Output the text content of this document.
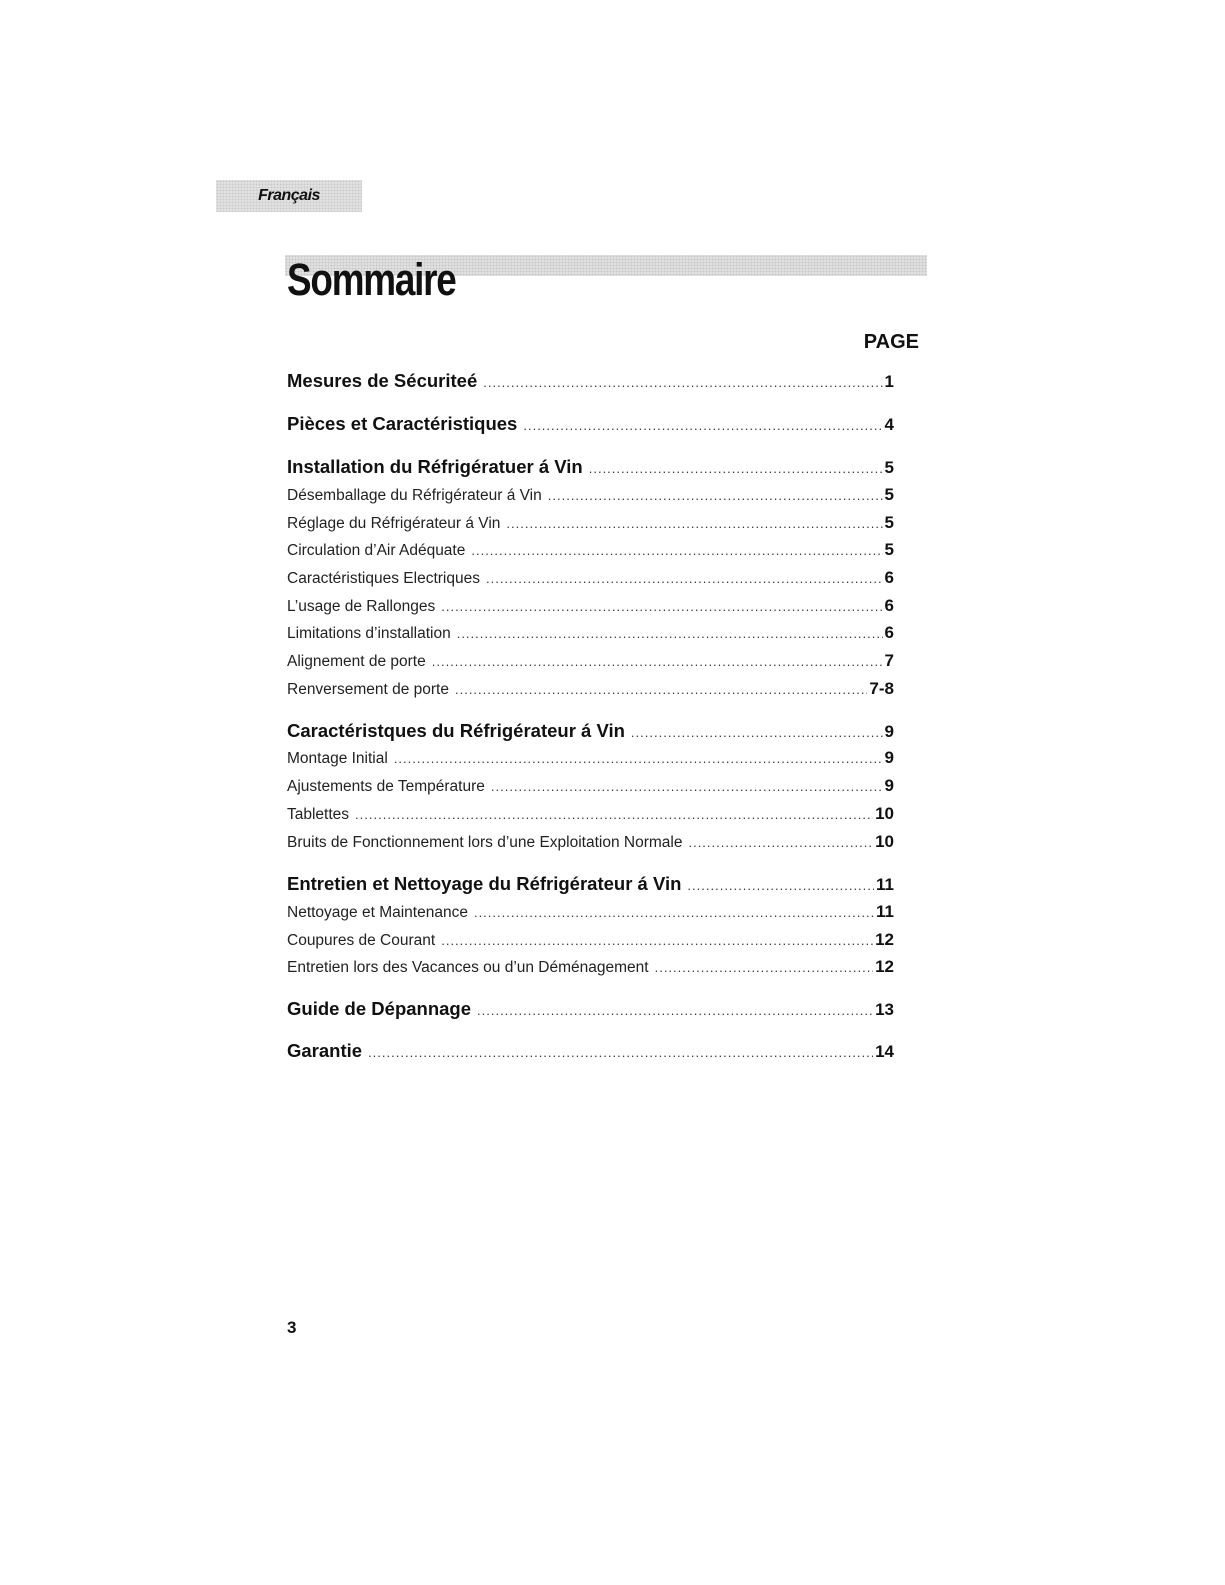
Français
Sommaire
PAGE
Mesures de Sécuriteé .....	1
Pièces et Caractéristiques .....	4
Installation du Réfrigératuer á Vin .....	5
Désemballage du Réfrigérateur á Vin .....	5
Réglage du Réfrigérateur á Vin .....	5
Circulation d’Air Adéquate .....	5
Caractéristiques Electriques .....	6
L’usage de Rallonges .....	6
Limitations d’installation .....	6
Alignement de porte .....	7
Renversement de porte .....	7-8
Caractéristques du Réfrigérateur á Vin .....	9
Montage Initial .....	9
Ajustements de Température .....	9
Tablettes .....	10
Bruits de Fonctionnement lors d’une Exploitation Normale .....	10
Entretien et Nettoyage du Réfrigérateur á Vin .....	11
Nettoyage et Maintenance .....	11
Coupures de Courant .....	12
Entretien lors des Vacances ou d’un Déménagement .....	12
Guide de Dépannage .....	13
Garantie .....	14
3
